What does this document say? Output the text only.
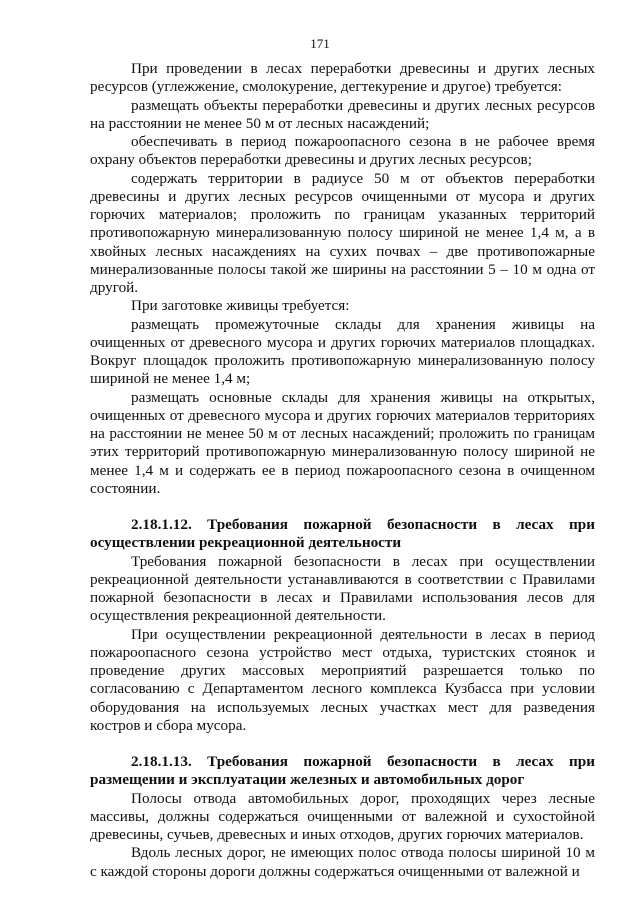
171

При проведении в лесах переработки древесины и других лесных ресурсов (углежжение, смолокурение, дегтекурение и другое) требуется:

размещать объекты переработки древесины и других лесных ресурсов на расстоянии не менее 50 м от лесных насаждений;

обеспечивать в период пожароопасного сезона в не рабочее время охрану объектов переработки древесины и других лесных ресурсов;

содержать территории в радиусе 50 м от объектов переработки древесины и других лесных ресурсов очищенными от мусора и других горючих материалов; проложить по границам указанных территорий противопожарную минерализованную полосу шириной не менее 1,4 м, а в хвойных лесных насаждениях на сухих почвах – две противопожарные минерализованные полосы такой же ширины на расстоянии 5 – 10 м одна от другой.

При заготовке живицы требуется:

размещать промежуточные склады для хранения живицы на очищенных от древесного мусора и других горючих материалов площадках. Вокруг площадок проложить противопожарную минерализованную полосу шириной не менее 1,4 м;

размещать основные склады для хранения живицы на открытых, очищенных от древесного мусора и других горючих материалов территориях на расстоянии не менее 50 м от лесных насаждений; проложить по границам этих территорий противопожарную минерализованную полосу шириной не менее 1,4 м и содержать ее в период пожароопасного сезона в очищенном состоянии.

2.18.1.12. Требования пожарной безопасности в лесах при осуществлении рекреационной деятельности

Требования пожарной безопасности в лесах при осуществлении рекреационной деятельности устанавливаются в соответствии с Правилами пожарной безопасности в лесах и Правилами использования лесов для осуществления рекреационной деятельности.

При осуществлении рекреационной деятельности в лесах в период пожароопасного сезона устройство мест отдыха, туристских стоянок и проведение других массовых мероприятий разрешается только по согласованию с Департаментом лесного комплекса Кузбасса при условии оборудования на используемых лесных участках мест для разведения костров и сбора мусора.

2.18.1.13. Требования пожарной безопасности в лесах при размещении и эксплуатации железных и автомобильных дорог

Полосы отвода автомобильных дорог, проходящих через лесные массивы, должны содержаться очищенными от валежной и сухостойной древесины, сучьев, древесных и иных отходов, других горючих материалов.

Вдоль лесных дорог, не имеющих полос отвода полосы шириной 10 м с каждой стороны дороги должны содержаться очищенными от валежной и
